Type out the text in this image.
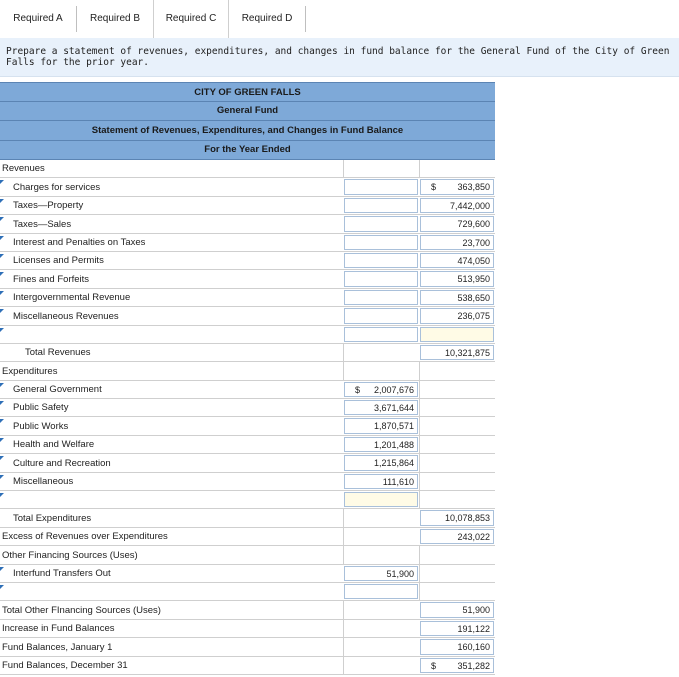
Required A	Required B	Required C	Required D
Prepare a statement of revenues, expenditures, and changes in fund balance for the General Fund of the City of Green Falls for the prior year.
CITY OF GREEN FALLS
General Fund
Statement of Revenues, Expenditures, and Changes in Fund Balance
For the Year Ended
Revenues
Charges for services	$ 363,850
Taxes—Property	7,442,000
Taxes—Sales	729,600
Interest and Penalties on Taxes	23,700
Licenses and Permits	474,050
Fines and Forfeits	513,950
Intergovernmental Revenue	538,650
Miscellaneous Revenues	236,075
Total Revenues	10,321,875
Expenditures
General Government	$ 2,007,676
Public Safety	3,671,644
Public Works	1,870,571
Health and Welfare	1,201,488
Culture and Recreation	1,215,864
Miscellaneous	111,610
Total Expenditures	10,078,853
Excess of Revenues over Expenditures	243,022
Other Financing Sources (Uses)
Interfund Transfers Out	51,900
Total Other FInancing Sources (Uses)	51,900
Increase in Fund Balances	191,122
Fund Balances, January 1	160,160
Fund Balances, December 31	$ 351,282
